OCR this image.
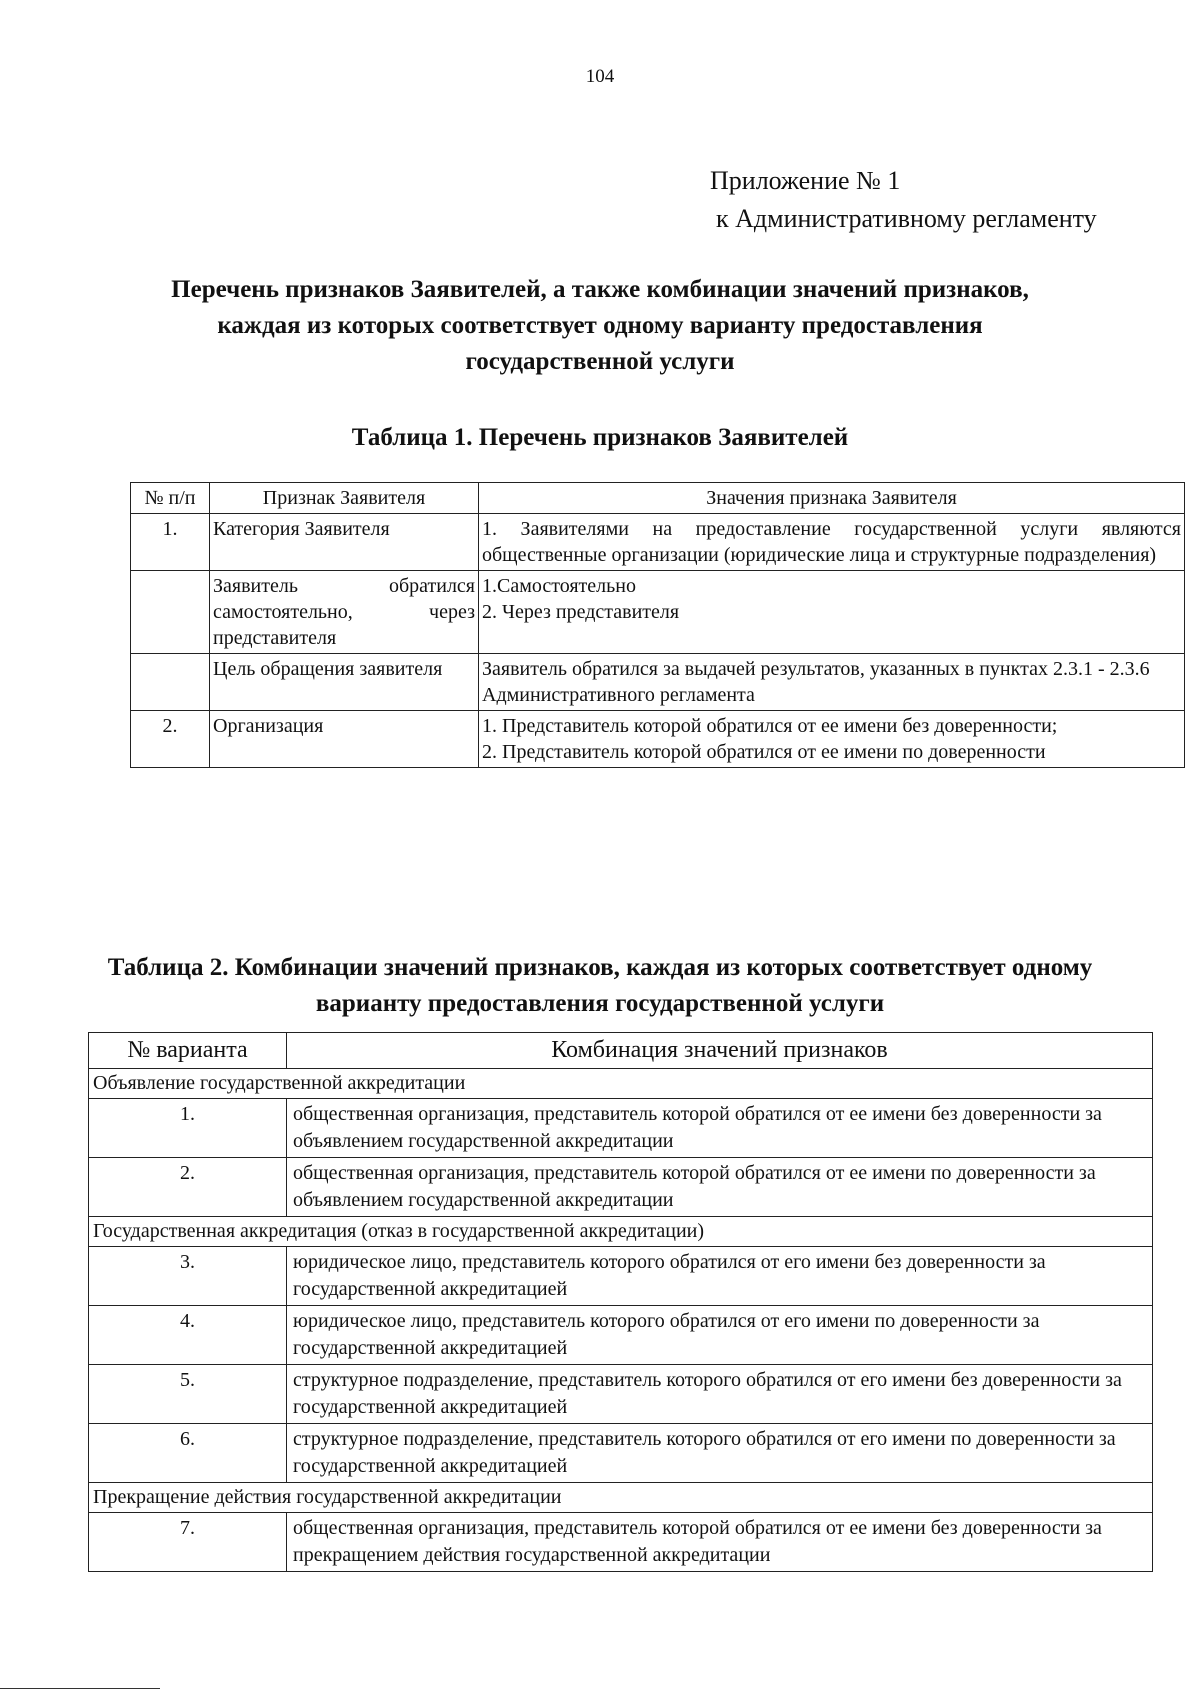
104
Приложение № 1
к Административному регламенту
Перечень признаков Заявителей, а также комбинации значений признаков, каждая из которых соответствует одному варианту предоставления государственной услуги
Таблица 1. Перечень признаков Заявителей
№ п/п	Признак Заявителя	Значения признака Заявителя
1.	Категория Заявителя	1. Заявителями на предоставление государственной услуги являются общественные организации (юридические лица и структурные подразделения)

	Заявитель обратился самостоятельно, через представителя	1.Самостоятельно
2. Через представителя

	Цель обращения заявителя	Заявитель обратился за выдачей результатов, указанных в пунктах 2.3.1 - 2.3.6 Административного регламента

2.	Организация	1. Представитель которой обратился от ее имени без доверенности;
2. Представитель которой обратился от ее имени по доверенности
Таблица 2. Комбинации значений признаков, каждая из которых соответствует одному варианту предоставления государственной услуги
№ варианта	Комбинация значений признаков
Объявление государственной аккредитации	
1.	общественная организация, представитель которой обратился от ее имени без доверенности за объявлением государственной аккредитации
2.	общественная организация, представитель которой обратился от ее имени по доверенности за объявлением государственной аккредитации
Государственная аккредитация (отказ в государственной аккредитации)	
3.	юридическое лицо, представитель которого обратился от его имени без доверенности за государственной аккредитацией
4.	юридическое лицо, представитель которого обратился от его имени по доверенности за государственной аккредитацией
5.	структурное подразделение, представитель которого обратился от его имени без доверенности за государственной аккредитацией
6.	структурное подразделение, представитель которого обратился от его имени по доверенности за государственной аккредитацией
Прекращение действия государственной аккредитации	
7.	общественная организация, представитель которой обратился от ее имени без доверенности за прекращением действия государственной аккредитации
